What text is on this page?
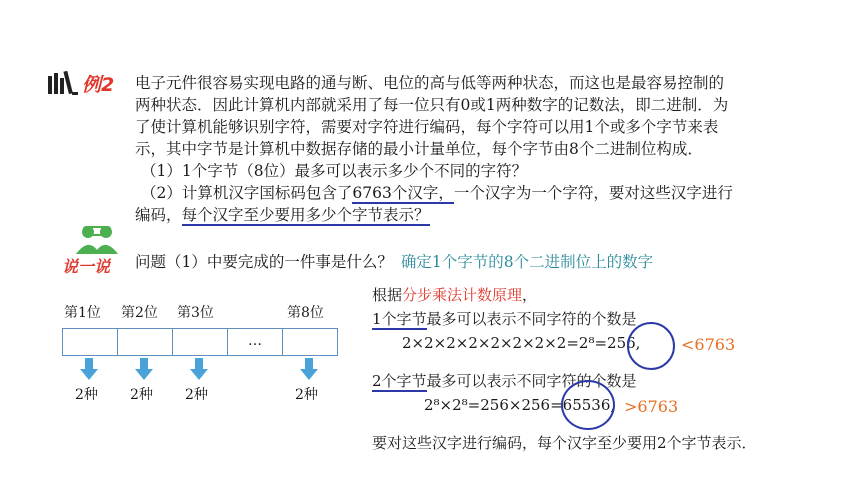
例2 电子元件很容易实现电路的通与断、电位的高与低等两种状态，而这也是最容易控制的

两种状态．因此计算机内部就采用了每一位只有0或1两种数字的记数法，即二进制．为

了使计算机能够识别字符，需要对字符进行编码，每个字符可以用1个或多个字节来表

示，其中字节是计算机中数据存储的最小计量单位，每个字节由8个二进制位构成．

（1）1个字节（8位）最多可以表示多少个不同的字符？

（2）计算机汉字国标码包含了6763个汉字，一个汉字为一个字符，要对这些汉字进行

编码，每个汉字至少要用多少个字节表示？

说一说 问题（1）中要完成的一件事是什么？ 确定1个字节的8个二进制位上的数字
第1位 第2位 第3位	第8位
…
2种 2种 2种	2种
根据分步乘法计数原理，
1个字节最多可以表示不同字符的个数是
2×2×2×2×2×2×2×2=2⁸=256,	<6763
2个字节最多可以表示不同字符的个数是
2⁸×2⁸=256×256=65536, >6763
要对这些汉字进行编码，每个汉字至少要用2个字节表示．
